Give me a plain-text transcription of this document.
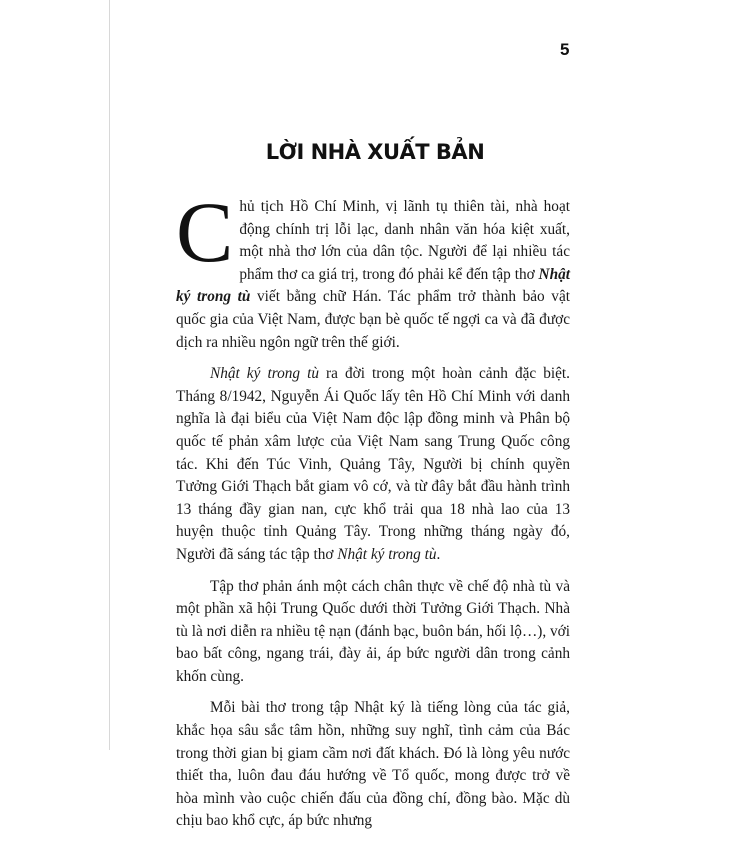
5
LỜI NHÀ XUẤT BẢN

Chủ tịch Hồ Chí Minh, vị lãnh tụ thiên tài, nhà hoạt động chính trị lỗi lạc, danh nhân văn hóa kiệt xuất, một nhà thơ lớn của dân tộc. Người để lại nhiều tác phẩm thơ ca giá trị, trong đó phải kể đến tập thơ Nhật ký trong tù viết bằng chữ Hán. Tác phẩm trở thành bảo vật quốc gia của Việt Nam, được bạn bè quốc tế ngợi ca và đã được dịch ra nhiều ngôn ngữ trên thế giới.

Nhật ký trong tù ra đời trong một hoàn cảnh đặc biệt. Tháng 8/1942, Nguyễn Ái Quốc lấy tên Hồ Chí Minh với danh nghĩa là đại biểu của Việt Nam độc lập đồng minh và Phân bộ quốc tế phản xâm lược của Việt Nam sang Trung Quốc công tác. Khi đến Túc Vinh, Quảng Tây, Người bị chính quyền Tưởng Giới Thạch bắt giam vô cớ, và từ đây bắt đầu hành trình 13 tháng đầy gian nan, cực khổ trải qua 18 nhà lao của 13 huyện thuộc tỉnh Quảng Tây. Trong những tháng ngày đó, Người đã sáng tác tập thơ Nhật ký trong tù.

Tập thơ phản ánh một cách chân thực về chế độ nhà tù và một phần xã hội Trung Quốc dưới thời Tưởng Giới Thạch. Nhà tù là nơi diễn ra nhiều tệ nạn (đánh bạc, buôn bán, hối lộ…), với bao bất công, ngang trái, đày ải, áp bức người dân trong cảnh khốn cùng.

Mỗi bài thơ trong tập Nhật ký là tiếng lòng của tác giả, khắc họa sâu sắc tâm hồn, những suy nghĩ, tình cảm của Bác trong thời gian bị giam cầm nơi đất khách. Đó là lòng yêu nước thiết tha, luôn đau đáu hướng về Tổ quốc, mong được trở về hòa mình vào cuộc chiến đấu của đồng chí, đồng bào. Mặc dù chịu bao khổ cực, áp bức nhưng
